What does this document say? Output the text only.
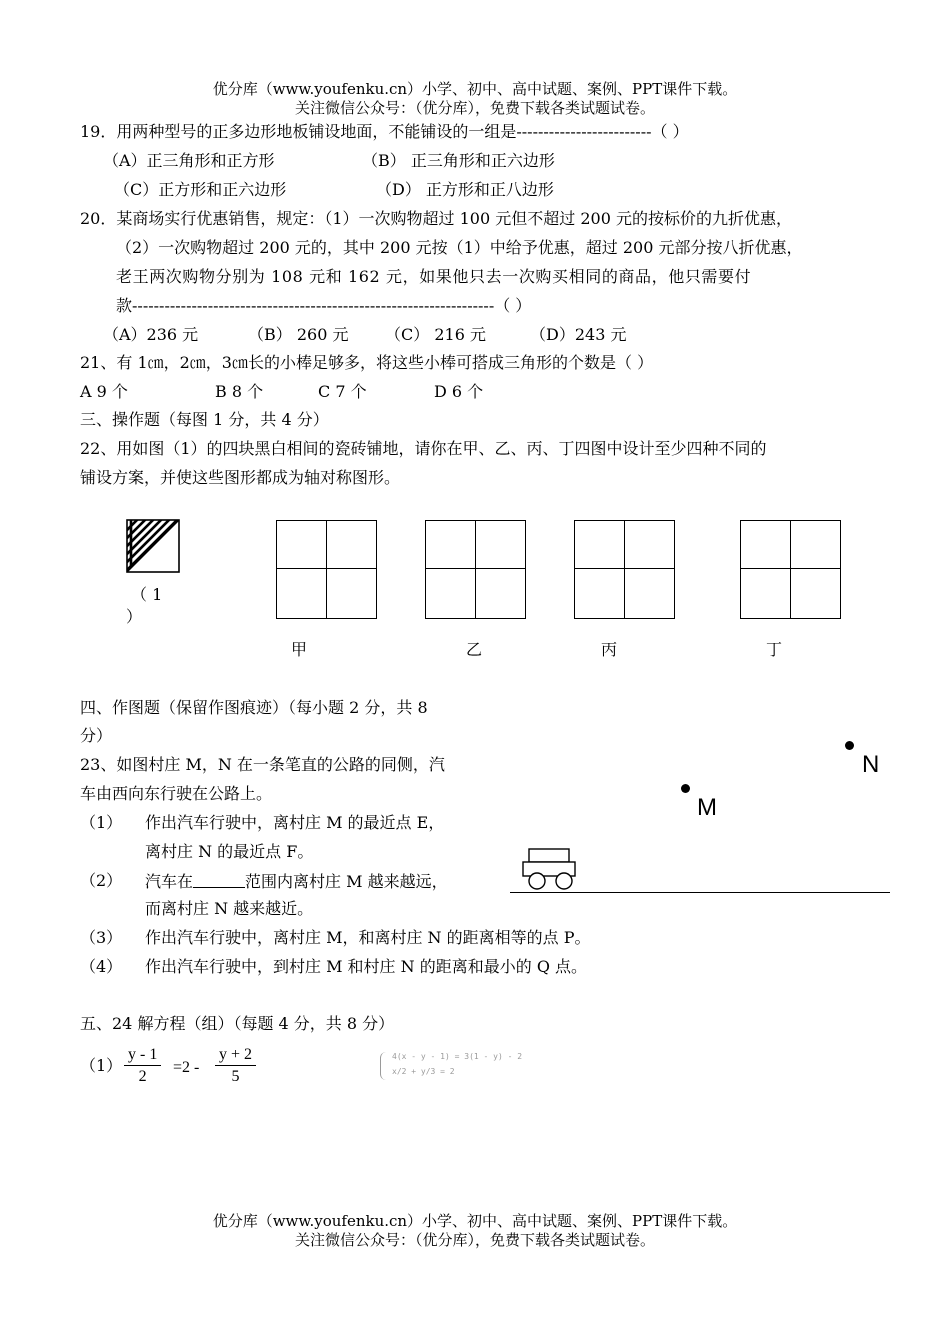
优分库（www.youfenku.cn）小学、初中、高中试题、案例、PPT课件下载。
关注微信公众号：（优分库），免费下载各类试题试卷。
19．用两种型号的正多边形地板铺设地面，不能铺设的一组是-------------------------（ ）
（A）正三角形和正方形	（B） 正三角形和正六边形
（C）正方形和正六边形	（D） 正方形和正八边形
20．某商场实行优惠销售，规定：（1）一次购物超过 100 元但不超过 200 元的按标价的九折优惠，
（2）一次购物超过 200 元的，其中 200 元按（1）中给予优惠，超过 200 元部分按八折优惠，
老王两次购物分别为 108 元和 162 元，如果他只去一次购买相同的商品，他只需要付
款-------------------------------------------------------------------（ ）
（A）236 元	（B） 260 元 （C） 216 元	（D）243 元
21、有 1㎝，2㎝，3㎝长的小棒足够多，将这些小棒可搭成三角形的个数是（ ）
A 9 个	B 8 个	C 7 个	D 6 个
三、操作题（每图 1 分，共 4 分）
22、用如图（1）的四块黑白相间的瓷砖铺地，请你在甲、乙、丙、丁四图中设计至少四种不同的
铺设方案，并使这些图形都成为轴对称图形。
（ 1
）
甲	乙	丙	丁
四、作图题（保留作图痕迹）（每小题 2 分，共 8
分）
23、如图村庄 M，N 在一条笔直的公路的同侧，汽
车由西向东行驶在公路上。
（1） 作出汽车行驶中，离村庄 M 的最近点 E，
离村庄 N 的最近点 F。
（2） 汽车在	范围内离村庄 M 越来越远，
而离村庄 N 越来越近。
（3） 作出汽车行驶中，离村庄 M，和离村庄 N 的距离相等的点 P。
（4） 作出汽车行驶中，到村庄 M 和村庄 N 的距离和最小的 Q 点。
N
M
五、24 解方程（组）（每题 4 分，共 8 分）
$(1) \frac{y - 1}{2} =2 - \frac{y + 2}{5}$	4(x - y - 1) = 3(1 - y) - 2
x/2 + y/3 = 2
优分库（www.youfenku.cn）小学、初中、高中试题、案例、PPT课件下载。
关注微信公众号：（优分库），免费下载各类试题试卷。
